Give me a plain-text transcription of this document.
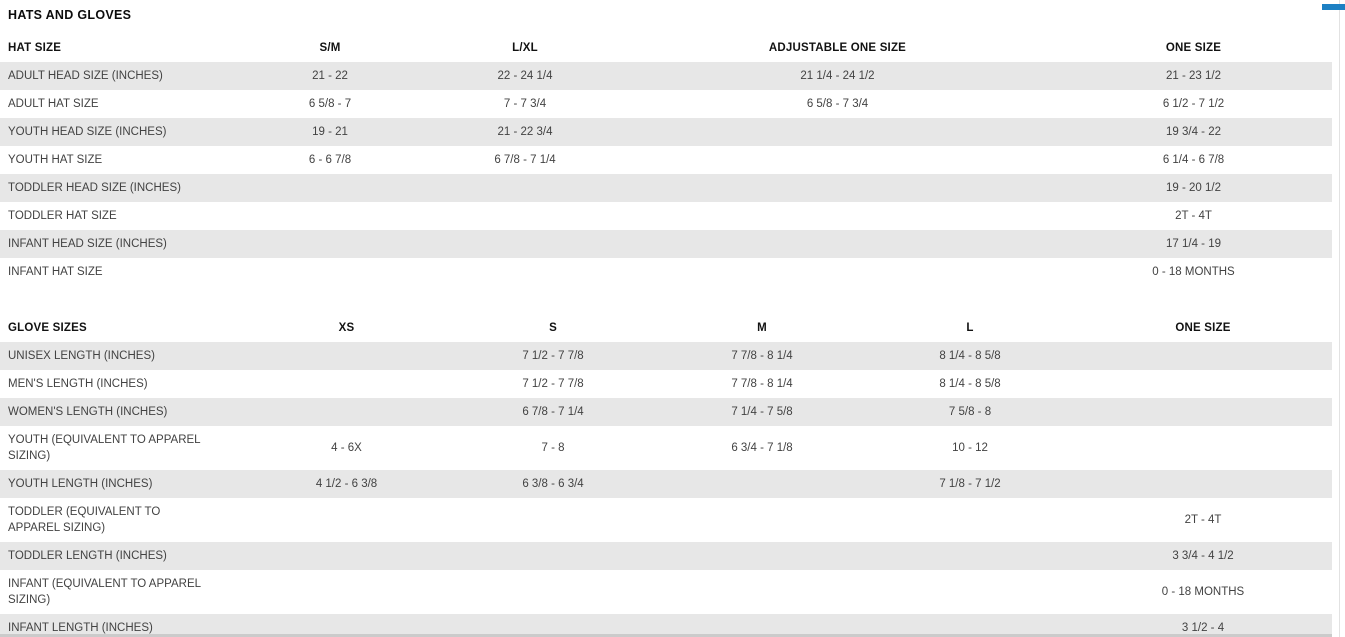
HATS AND GLOVES
HAT SIZE	S/M	L/XL	ADJUSTABLE ONE SIZE	ONE SIZE
ADULT HEAD SIZE (INCHES)	21 - 22	22 - 24 1/4	21 1/4 - 24 1/2	21 - 23 1/2
ADULT HAT SIZE	6 5/8 - 7	7 - 7 3/4	6 5/8 - 7 3/4	6 1/2 - 7 1/2
YOUTH HEAD SIZE (INCHES)	19 - 21	21 - 22 3/4		19 3/4 - 22
YOUTH HAT SIZE	6 - 6 7/8	6 7/8 - 7 1/4		6 1/4 - 6 7/8
TODDLER HEAD SIZE (INCHES)				19 - 20 1/2
TODDLER HAT SIZE				2T - 4T
INFANT HEAD SIZE (INCHES)				17 1/4 - 19
INFANT HAT SIZE				0 - 18 MONTHS
GLOVE SIZES	XS	S	M	L	ONE SIZE
UNISEX LENGTH (INCHES)		7 1/2 - 7 7/8	7 7/8 - 8 1/4	8 1/4 - 8 5/8	
MEN'S LENGTH (INCHES)		7 1/2 - 7 7/8	7 7/8 - 8 1/4	8 1/4 - 8 5/8	
WOMEN'S LENGTH (INCHES)		6 7/8 - 7 1/4	7 1/4 - 7 5/8	7 5/8 - 8	
YOUTH (EQUIVALENT TO APPAREL SIZING)	4 - 6X	7 - 8	6 3/4 - 7 1/8	10 - 12	
YOUTH LENGTH (INCHES)	4 1/2 - 6 3/8	6 3/8 - 6 3/4		7 1/8 - 7 1/2	
TODDLER (EQUIVALENT TO APPAREL SIZING)					2T - 4T
TODDLER LENGTH (INCHES)					3 3/4 - 4 1/2
INFANT (EQUIVALENT TO APPAREL SIZING)					0 - 18 MONTHS
INFANT LENGTH (INCHES)					3 1/2 - 4
